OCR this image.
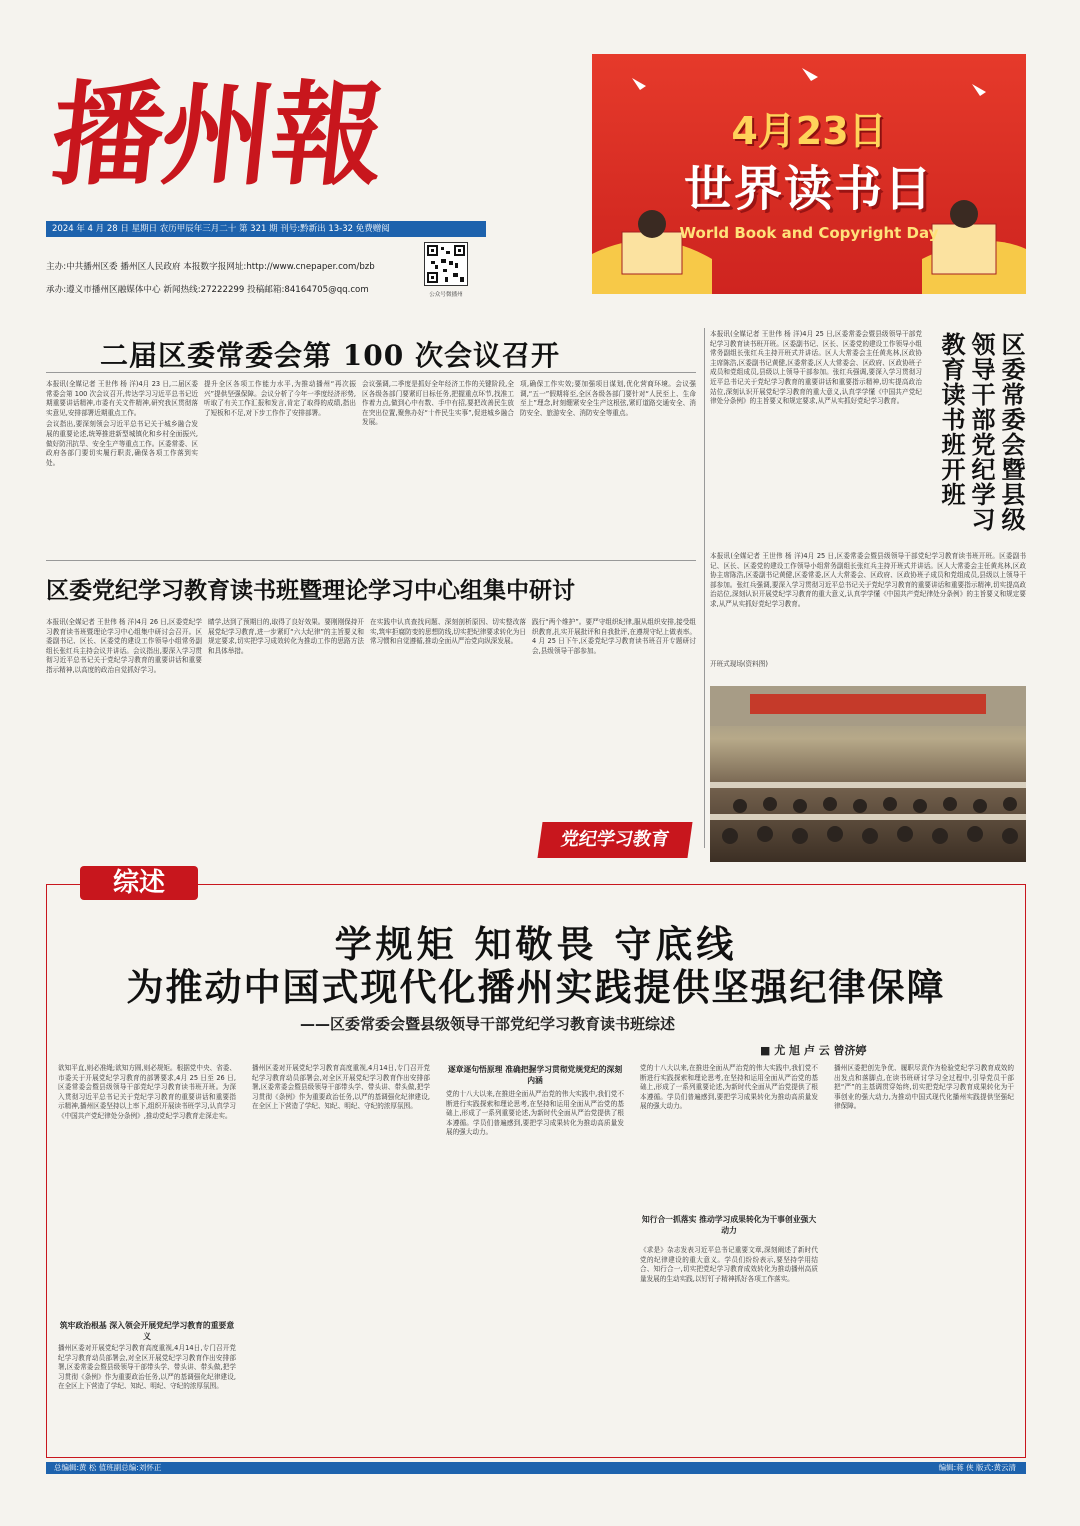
播州報
2024 年 4 月 28 日 星期日 农历甲辰年三月二十 第 321 期 刊号:黔新出 13-32 免费赠阅
主办:中共播州区委 播州区人民政府 本报数字报网址:http://www.cnepaper.com/bzb
承办:遵义市播州区融媒体中心 新闻热线:27222299 投稿邮箱:84164705@qq.com	公众号微播州
4月23日
世界读书日
World Book and Copyright Day
二届区委常委会第 100 次会议召开
本报讯(全媒记者 王世伟 杨 洋)4月 23 日,二届区委常委会第 100 次会议召开,传达学习习近平总书记近期重要讲话精神,市委有关文件精神,研究我区贯彻落实意见,安排部署近期重点工作。
会议指出,要深刻领会习近平总书记关于城乡融合发展的重要论述,统筹推进新型城镇化和乡村全面振兴,做好防汛抗旱、安全生产等重点工作。区委常委、区政府各部门要切实履行职责,确保各项工作落到实处。
提升全区各项工作能力水平,为推动播州“再次振兴”提供坚强保障。会议分析了今年一季度经济形势,听取了有关工作汇报和发言,肯定了取得的成绩,指出了短板和不足,对下步工作作了安排部署。
会议强调,二季度是抓好全年经济工作的关键阶段,全区各级各部门要紧盯目标任务,把握重点环节,找准工作着力点,做到心中有数、手中有招,要把改善民生放在突出位置,聚焦办好“十件民生实事”,促进城乡融合发展。
项,确保工作实效;要加强项目谋划,优化营商环境。会议强调,“五一”假期将至,全区各级各部门要针对“人民至上、生命至上”理念,时刻绷紧安全生产这根弦,紧盯道路交通安全、消防安全、旅游安全、消防安全等重点。	区委常委会暨县级领导干部党纪学习教育读书班开班
本报讯(全媒记者 王世伟 杨 洋)4月 25 日,区委常委会暨县级领导干部党纪学习教育读书班开班。区委副书记、区长、区委党的建设工作领导小组常务副组长张红兵主持开班式并讲话。区人大常委会主任黄兆林,区政协主席陈浩,区委副书记黄健,区委常委,区人大常委会、区政府、区政协班子成员和党组成员,县级以上领导干部参加。张红兵强调,要深入学习贯彻习近平总书记关于党纪学习教育的重要讲话和重要指示精神,切实提高政治站位,深刻认识开展党纪学习教育的重大意义,认真学学懂《中国共产党纪律处分条例》的主旨要义和规定要求,从严从实抓好党纪学习教育。
本报讯(全媒记者 王世伟 杨 洋)4月 25 日,区委常委会暨县级领导干部党纪学习教育读书班开班。区委副书记、区长、区委党的建设工作领导小组常务副组长张红兵主持开班式并讲话。区人大常委会主任黄兆林,区政协主席陈浩,区委副书记黄健,区委常委,区人大常委会、区政府、区政协班子成员和党组成员,县级以上领导干部参加。张红兵强调,要深入学习贯彻习近平总书记关于党纪学习教育的重要讲话和重要指示精神,切实提高政治站位,深刻认识开展党纪学习教育的重大意义,认真学学懂《中国共产党纪律处分条例》的主旨要义和规定要求,从严从实抓好党纪学习教育。
区委党纪学习教育读书班暨理论学习中心组集中研讨
本报讯(全媒记者 王世伟 杨 洋)4月 26 日,区委党纪学习教育读书班暨理论学习中心组集中研讨会召开。区委副书记、区长、区委党的建设工作领导小组常务副组长张红兵主持会议并讲话。会议指出,要深入学习贯彻习近平总书记关于党纪学习教育的重要讲话和重要指示精神,以高度的政治自觉抓好学习。
睛学,达到了预期目的,取得了良好效果。要刚刚保持开展党纪学习教育,进一步紧盯“六大纪律”的主旨要义和规定要求,切实把学习成效转化为推动工作的思路方法和具体举措。
在实践中认真查找问题、深刻剖析原因、切实整改落实,筑牢拒腐防变的思想防线,切实把纪律要求转化为日常习惯和自觉遵循,推动全面从严治党向纵深发展。
践行“两个维护”。要严守组织纪律,服从组织安排,接受组织教育,扎实开展批评和自我批评,在遵规守纪上做表率。4 月 25 日下午,区委党纪学习教育读书班召开专题研讨会,县级领导干部参加。
开班式现场(资料图)
党纪学习教育
综述
学规矩 知敬畏 守底线
为推动中国式现代化播州实践提供坚强纪律保障
——区委常委会暨县级领导干部党纪学习教育读书班综述
■ 尤 旭 卢 云 曾济婷
欲知平直,则必准绳;欲知方圆,则必规矩。根据党中央、省委、市委关于开展党纪学习教育的部署要求,4月 25 日至 26 日,区委常委会暨县级领导干部党纪学习教育读书班开班。为深入贯彻习近平总书记关于党纪学习教育的重要讲话和重要指示精神,播州区委坚持以上率下,组织开展读书班学习,认真学习《中国共产党纪律处分条例》,推动党纪学习教育走深走实。
筑牢政治根基 深入领会开展党纪学习教育的重要意义
播州区委对开展党纪学习教育高度重视,4月14日,专门召开党纪学习教育动员部署会,对全区开展党纪学习教育作出安排部署,区委常委会暨县级领导干部带头学、带头讲、带头做,把学习贯彻《条例》作为重要政治任务,以严的基调强化纪律建设,在全区上下营造了学纪、知纪、明纪、守纪的浓厚氛围。
播州区委对开展党纪学习教育高度重视,4月14日,专门召开党纪学习教育动员部署会,对全区开展党纪学习教育作出安排部署,区委常委会暨县级领导干部带头学、带头讲、带头做,把学习贯彻《条例》作为重要政治任务,以严的基调强化纪律建设,在全区上下营造了学纪、知纪、明纪、守纪的浓厚氛围。
逐章逐句悟原理 准确把握学习贯彻党规党纪的深刻内涵
党的十八大以来,在推进全面从严治党的伟大实践中,我们党不断进行实践探索和理论思考,在坚持和运用全面从严治党的基础上,形成了一系列重要论述,为新时代全面从严治党提供了根本遵循。学员们普遍感到,要把学习成果转化为推动高质量发展的强大动力。
党的十八大以来,在推进全面从严治党的伟大实践中,我们党不断进行实践探索和理论思考,在坚持和运用全面从严治党的基础上,形成了一系列重要论述,为新时代全面从严治党提供了根本遵循。学员们普遍感到,要把学习成果转化为推动高质量发展的强大动力。
知行合一抓落实 推动学习成果转化为干事创业强大动力
《求是》杂志发表习近平总书记重要文章,深刻阐述了新时代党的纪律建设的重大意义。学员们纷纷表示,要坚持学用结合、知行合一,切实把党纪学习教育成效转化为推动播州高质量发展的生动实践,以钉钉子精神抓好各项工作落实。
播州区委把创先争优、履职尽责作为检验党纪学习教育成效的出发点和落脚点,在读书班研讨学习全过程中,引导党员干部把“严”的主基调贯穿始终,切实把党纪学习教育成果转化为干事创业的强大动力,为推动中国式现代化播州实践提供坚强纪律保障。
总编辑:黄 松 值班副总编:刘怀正	编辑:蒋 侠 版式:黄云清
